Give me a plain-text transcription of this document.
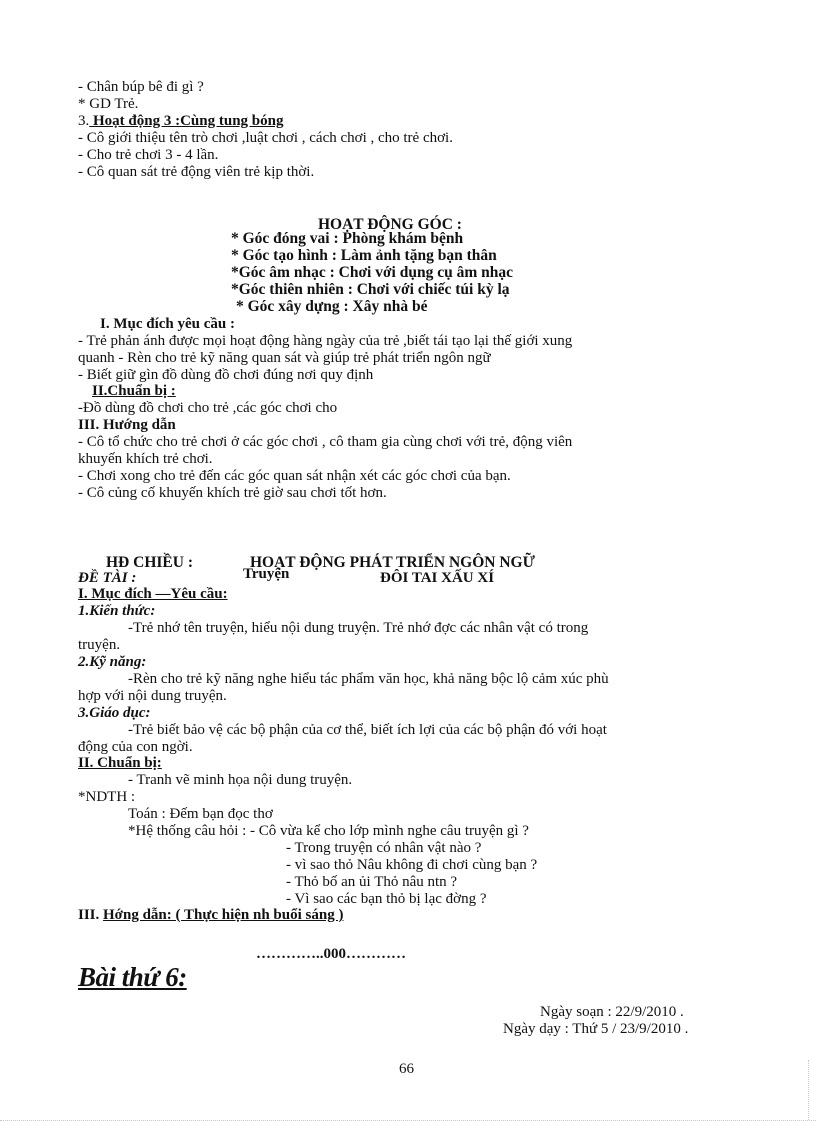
- Chân búp bê đi gì ?
* GD Trẻ.
3. Hoạt động 3 :Cùng tung bóng
- Cô giới thiệu tên trò chơi ,luật chơi , cách chơi , cho trẻ chơi.
- Cho trẻ chơi 3 - 4 lần.
- Cô quan sát trẻ động viên trẻ kịp thời.
HOẠT ĐỘNG GÓC :
* Góc đóng vai : Phòng khám bệnh
* Góc tạo hình : Làm ảnh tặng bạn thân
*Góc âm nhạc : Chơi với dụng cụ âm nhạc
*Góc thiên nhiên : Chơi với chiếc túi kỳ lạ
* Góc xây dựng : Xây nhà bé
I. Mục đích yêu cầu :
- Trẻ phản ánh được mọi hoạt động hàng ngày của trẻ ,biết tái tạo lại thế giới xung
quanh - Rèn cho trẻ kỹ năng quan sát và giúp trẻ phát triển ngôn ngữ
- Biết giữ gìn đồ dùng đồ chơi đúng nơi quy định
II.Chuẩn bị :
-Đồ dùng đồ chơi cho trẻ ,các góc chơi cho
III. Hướng dẫn
- Cô tổ chức cho trẻ chơi ở các góc chơi , cô tham gia cùng chơi với trẻ, động viên
khuyến khích trẻ chơi.
- Chơi xong cho trẻ đến các góc quan sát nhận xét các góc chơi của bạn.
- Cô củng cố khuyến khích trẻ giờ sau chơi tốt hơn.
HĐ CHIỀU :	HOẠT ĐỘNG PHÁT TRIỂN NGÔN NGỮ
ĐỀ TÀI :	Truyện	ĐÔI TAI XẤU XÍ
I. Mục đích —Yêu cầu:
1.Kiến thức:
-Trẻ nhớ tên truyện, hiểu nội dung truyện. Trẻ nhớ đợc các nhân vật có trong
truyện.
2.Kỹ năng:
-Rèn cho trẻ kỹ năng nghe hiểu tác phẩm văn học, khả năng bộc lộ cảm xúc phù
hợp với nội dung truyện.
3.Giáo dục:
-Trẻ biết bảo vệ các bộ phận của cơ thể, biết ích lợi của các bộ phận đó với hoạt
động của con ngời.
II. Chuẩn bị:
- Tranh vẽ minh họa nội dung truyện.
*NDTH :
Toán : Đếm bạn đọc thơ
*Hệ thống câu hỏi : - Cô vừa kể cho lớp mình nghe câu truyện gì ?
- Trong truyện có nhân vật nào ?
- vì sao thỏ Nâu không đi chơi cùng bạn ?
- Thỏ bố an ủi Thỏ nâu ntn ?
- Vì sao các bạn thỏ bị lạc đờng ?
III. Hớng dẫn: ( Thực hiện nh buổi sáng )
…………..000…………
Bài thứ 6:
Ngày soạn : 22/9/2010 .
Ngày dạy : Thứ 5 / 23/9/2010 .
66
